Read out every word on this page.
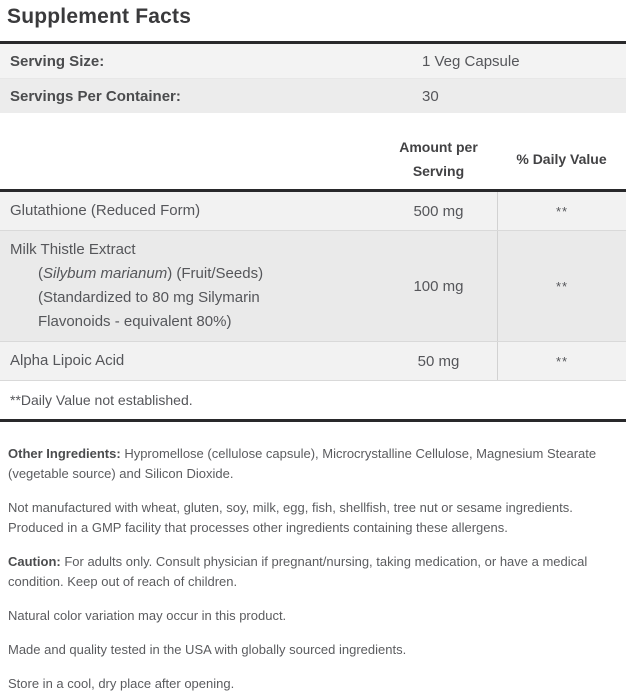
Supplement Facts
Serving Size:	1 Veg Capsule
Servings Per Container:	30
Amount per Serving
% Daily Value
Glutathione (Reduced Form)	500 mg	**
Milk Thistle Extract
(Silybum marianum) (Fruit/Seeds)
(Standardized to 80 mg Silymarin
Flavonoids - equivalent 80%)
100 mg	**
Alpha Lipoic Acid	50 mg	**
**Daily Value not established.

Other Ingredients: Hypromellose (cellulose capsule), Microcrystalline Cellulose, Magnesium Stearate (vegetable source) and Silicon Dioxide.

Not manufactured with wheat, gluten, soy, milk, egg, fish, shellfish, tree nut or sesame ingredients. Produced in a GMP facility that processes other ingredients containing these allergens.

Caution: For adults only. Consult physician if pregnant/nursing, taking medication, or have a medical condition. Keep out of reach of children.

Natural color variation may occur in this product.

Made and quality tested in the USA with globally sourced ingredients.

Store in a cool, dry place after opening.
